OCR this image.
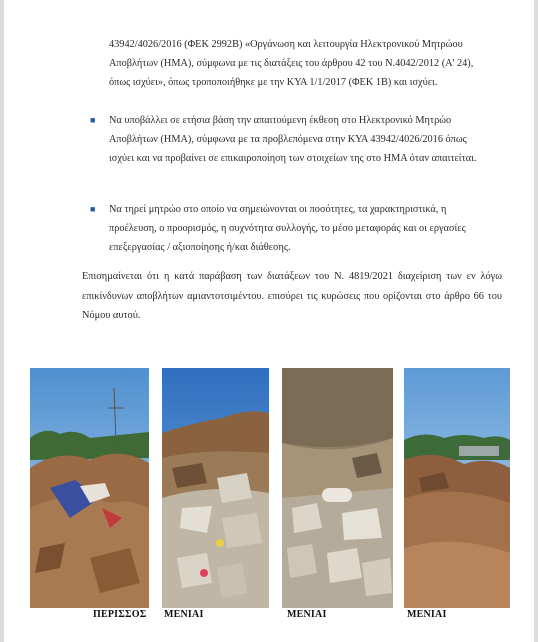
43942/4026/2016 (ΦΕΚ 2992Β) «Οργάνωση και λειτουργία Ηλεκτρονικού Μητρώου Αποβλήτων (ΗΜΑ), σύμφωνα με τις διατάξεις του άρθρου 42 του Ν.4042/2012 (Α' 24), όπως ισχύει», όπως τροποποιήθηκε με την ΚΥΑ 1/1/2017 (ΦΕΚ 1Β) και ισχύει.
■ Να υποβάλλει σε ετήσια βάση την απαιτούμενη έκθεση στο Ηλεκτρονικό Μητρώο Αποβλήτων (ΗΜΑ), σύμφωνα με τα προβλεπόμενα στην ΚΥΑ 43942/4026/2016 όπως ισχύει και να προβαίνει σε επικαιροποίηση των στοιχείων της στο ΗΜΑ όταν απαιτείται.
■ Να τηρεί μητρώο στο οποίο να σημειώνονται οι ποσότητες, τα χαρακτηριστικά, η προέλευση, ο προορισμός, η συχνότητα συλλογής, το μέσο μεταφοράς και οι εργασίες επεξεργασίας / αξιοποίησης ή/και διάθεσης.
Επισημαίνεται ότι η κατά παράβαση των διατάξεων του Ν. 4819/2021 διαχείριση των εν λόγω επικίνδυνων αποβλήτων αμιαντοτσιμέντου. επισύρει τις κυρώσεις που ορίζονται στο άρθρο 66 του Νόμου αυτού.
ΠΕΡΙΣΣΟΣ ΜΕΝΙΑΙ	ΜΕΝΙΑΙ	ΜΕΝΙΑΙ
